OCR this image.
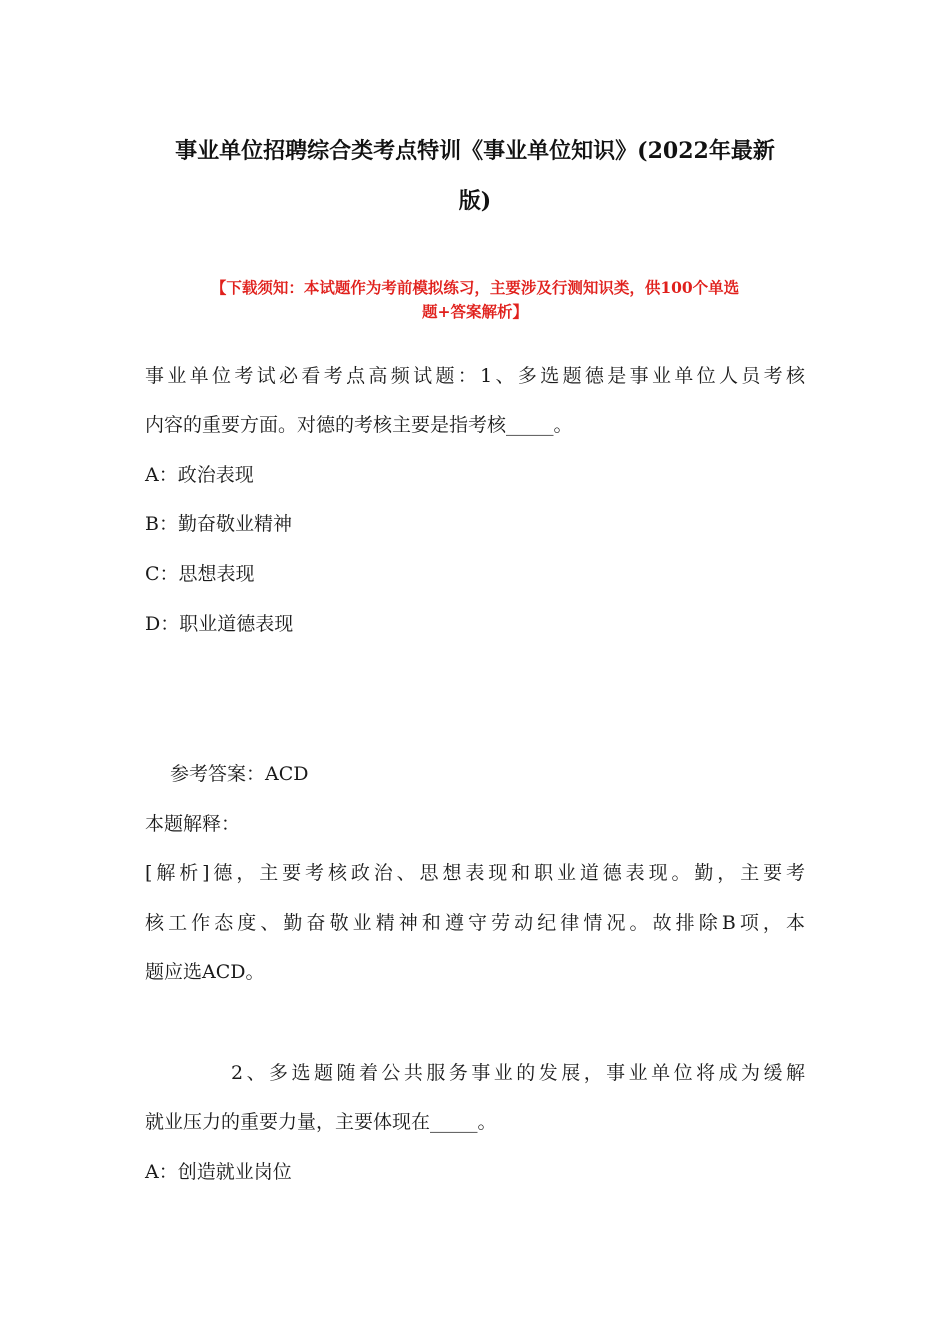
事业单位招聘综合类考点特训《事业单位知识》(2022年最新
版)
【下载须知：本试题作为考前模拟练习，主要涉及行测知识类，供100个单选
题+答案解析】
事业单位考试必看考点高频试题：1、多选题德是事业单位人员考核
内容的重要方面。对德的考核主要是指考核_____。
A：政治表现
B：勤奋敬业精神
C：思想表现
D：职业道德表现
参考答案：ACD
本题解释：
[解析]德，主要考核政治、思想表现和职业道德表现。勤，主要考
核工作态度、勤奋敬业精神和遵守劳动纪律情况。故排除B项，本
题应选ACD。
2、多选题随着公共服务事业的发展，事业单位将成为缓解
就业压力的重要力量，主要体现在_____。
A：创造就业岗位
